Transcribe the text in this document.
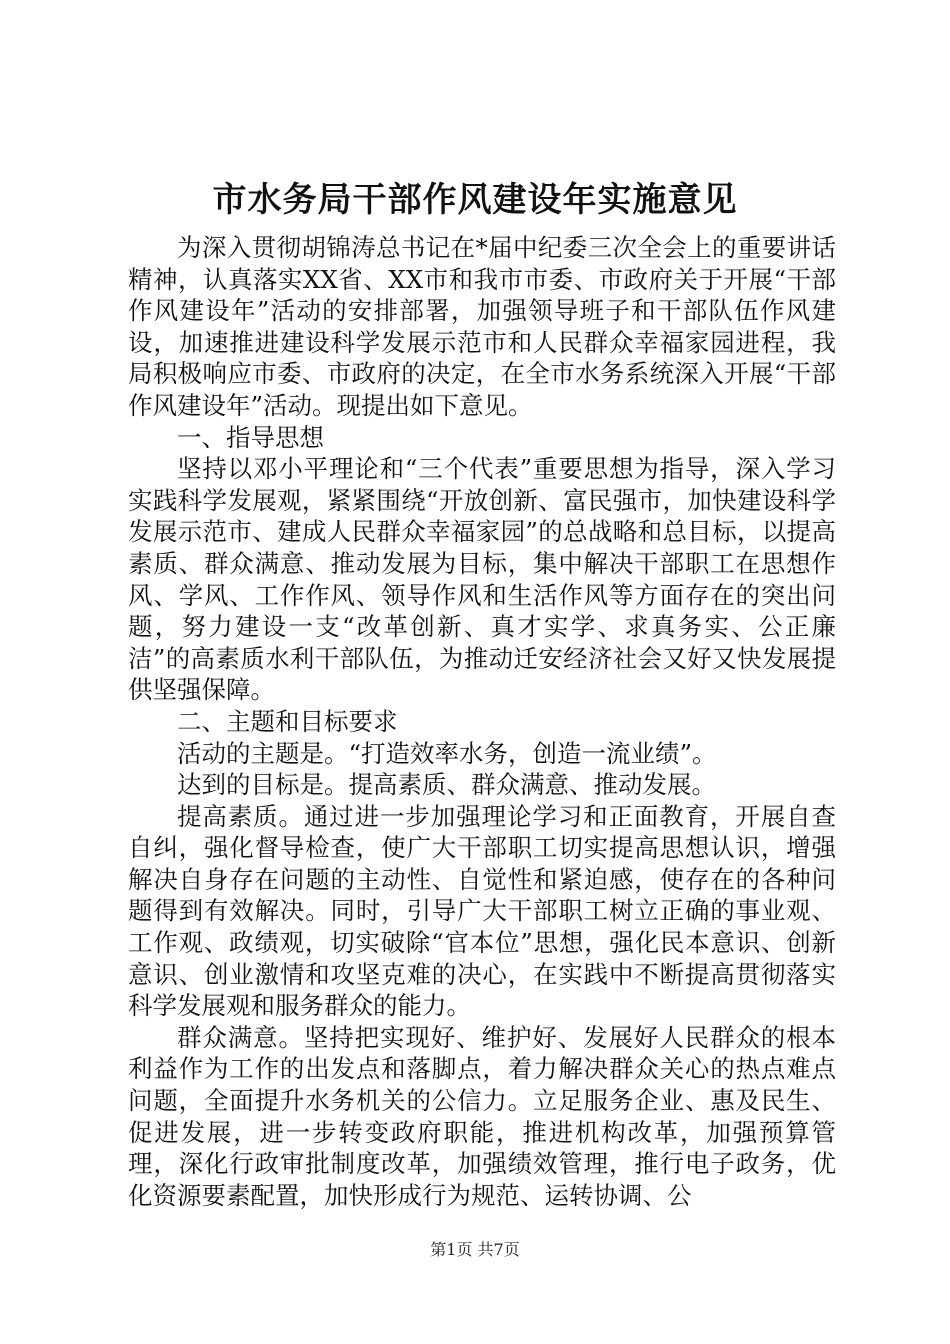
市水务局干部作风建设年实施意见

为深入贯彻胡锦涛总书记在*届中纪委三次全会上的重要讲话精神，认真落实XX省、XX市和我市市委、市政府关于开展“干部作风建设年”活动的安排部署，加强领导班子和干部队伍作风建设，加速推进建设科学发展示范市和人民群众幸福家园进程，我局积极响应市委、市政府的决定，在全市水务系统深入开展“干部作风建设年”活动。现提出如下意见。

一、指导思想

坚持以邓小平理论和“三个代表”重要思想为指导，深入学习实践科学发展观，紧紧围绕“开放创新、富民强市，加快建设科学发展示范市、建成人民群众幸福家园”的总战略和总目标，以提高素质、群众满意、推动发展为目标，集中解决干部职工在思想作风、学风、工作作风、领导作风和生活作风等方面存在的突出问题，努力建设一支“改革创新、真才实学、求真务实、公正廉洁”的高素质水利干部队伍，为推动迁安经济社会又好又快发展提供坚强保障。

二、主题和目标要求

活动的主题是。“打造效率水务，创造一流业绩”。

达到的目标是。提高素质、群众满意、推动发展。

提高素质。通过进一步加强理论学习和正面教育，开展自查自纠，强化督导检查，使广大干部职工切实提高思想认识，增强解决自身存在问题的主动性、自觉性和紧迫感，使存在的各种问题得到有效解决。同时，引导广大干部职工树立正确的事业观、工作观、政绩观，切实破除“官本位”思想，强化民本意识、创新意识、创业激情和攻坚克难的决心，在实践中不断提高贯彻落实科学发展观和服务群众的能力。

群众满意。坚持把实现好、维护好、发展好人民群众的根本利益作为工作的出发点和落脚点，着力解决群众关心的热点难点问题，全面提升水务机关的公信力。立足服务企业、惠及民生、促进发展，进一步转变政府职能，推进机构改革，加强预算管理，深化行政审批制度改革，加强绩效管理，推行电子政务，优化资源要素配置，加快形成行为规范、运转协调、公

第1页 共7页
